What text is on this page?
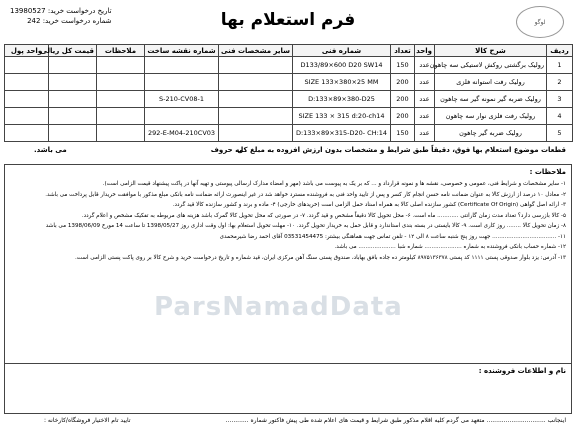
لوگو
فرم استعلام بها
تاریخ درخواست خرید: 13980527
شماره درخواست خرید: 242
ردیف	شرح کالا	واحد	تعداد	شماره فنی	سایر مشخصات فنی	شماره نقشه ساخت	ملاحظات	قیمت کل ریالی	واحد پول
1	رولیک برگشتی روکش لاستیکی سه چاهون	عدد	150	D133/89×600 D20 SW14					
2	رولیک رفت استوانه فلزی	عدد	200	SIZE 133×380×25 MM					
3	رولیک ضربه گیر نمونه گیر سه چاهون	عدد	200	D:133×89×380-D25		S-210-CV08-1			
4	رولیک رفت فلزی نوار سه چاهون	عدد	200	SIZE 133 × 315 d:20-ch14					
5	رولیک ضربه گیر چاهون	عدد	150	D:133×89×315-D20- CH:14		292-E-M04-210CV03			
قطعات موضوع استعلام بها فوق، دقیقاً طبق شرایط و مشخصات بدون ارزش افزوده به مبلغ کل
به حروف
می باشد.
ملاحظات :
۱- سایر مشخصات و شرایط فنی، عمومی و خصوصی، نقشه ها و نمونه قرارداد و ... که بر یک به پیوست می باشد (مهر و امضاء مدارک ارسالی پیوستی و تهیه آنها در پاکت پیشنهاد قیمت الزامی است).
۲- معادل ۱۰ درصد از ارزش کالا به عنوان ضمانت نامه حسن انجام کار کسر و پس از تایید واحد فنی به فروشنده مسترد خواهد شد در غیر اینصورت ارائه ضمانت نامه بانکی مبلغ مذکور با موافقت خریدار قابل پرداخت می باشد.
۳- ارائه اصل گواهی (Certificate Of Origin) کشور سازنده اصلی کالا به همراه اسناد حمل الزامی است (خریدهای خارجی) ۴- ماده و برند و کشور سازنده کالا قید گردد.
۵- کالا بازرسی دارد؟ تعداد مدت زمان گارانتی ............ ماه است. ۶- محل تحویل کالا دقیقاً مشخص و قید گردد. ۷- در صورتی که محل تحویل کالا گمرک باشد هزینه های مربوطه به تفکیک مشخص و اعلام گردد.
۸- زمان تحویل کالا ........ روز کاری است. ۹- کالا بایستی در بسته بندی استاندارد و قابل حمل به خریدار تحویل گردد. ۱۰- مهلت تحویل استعلام بها: اول وقت اداری روز 1398/05/27 تا ساعت 14 مورخ 1398/06/09 می باشد
۱۱- .................................... جهت روز پنج شنبه ساعت ۸ الی ۱۲ - تلفن تماس جهت هماهنگی بیشتر: 03531454475 آقای احمد رضا شیرمحمدی
۱۲- شماره حساب بانکی فروشنده به شماره ..................... شماره شبا ..................... می باشد.
۱۳- آدرس: یزد بلوار صدوقی پستی ۱۱۱۱ کد پستی ۸۹۷۵۱۳۶۳۷۸ کیلومتر ده جاده بافق بهاباد، صندوق پستی سنگ آهن مرکزی ایران، قید شماره و تاریخ درخواست خرید و شرح کالا بر روی پاکت پستی الزامی است.
نام و اطلاعات فروشنده :
اینجانب ............................... متعهد می گردم کلیه اقلام مذکور طبق شرایط و قیمت های اعلام شده طی پیش فاکتور شماره ............
تایید تام الاختیار فروشگاه/کارخانه :
ParsNamadData
